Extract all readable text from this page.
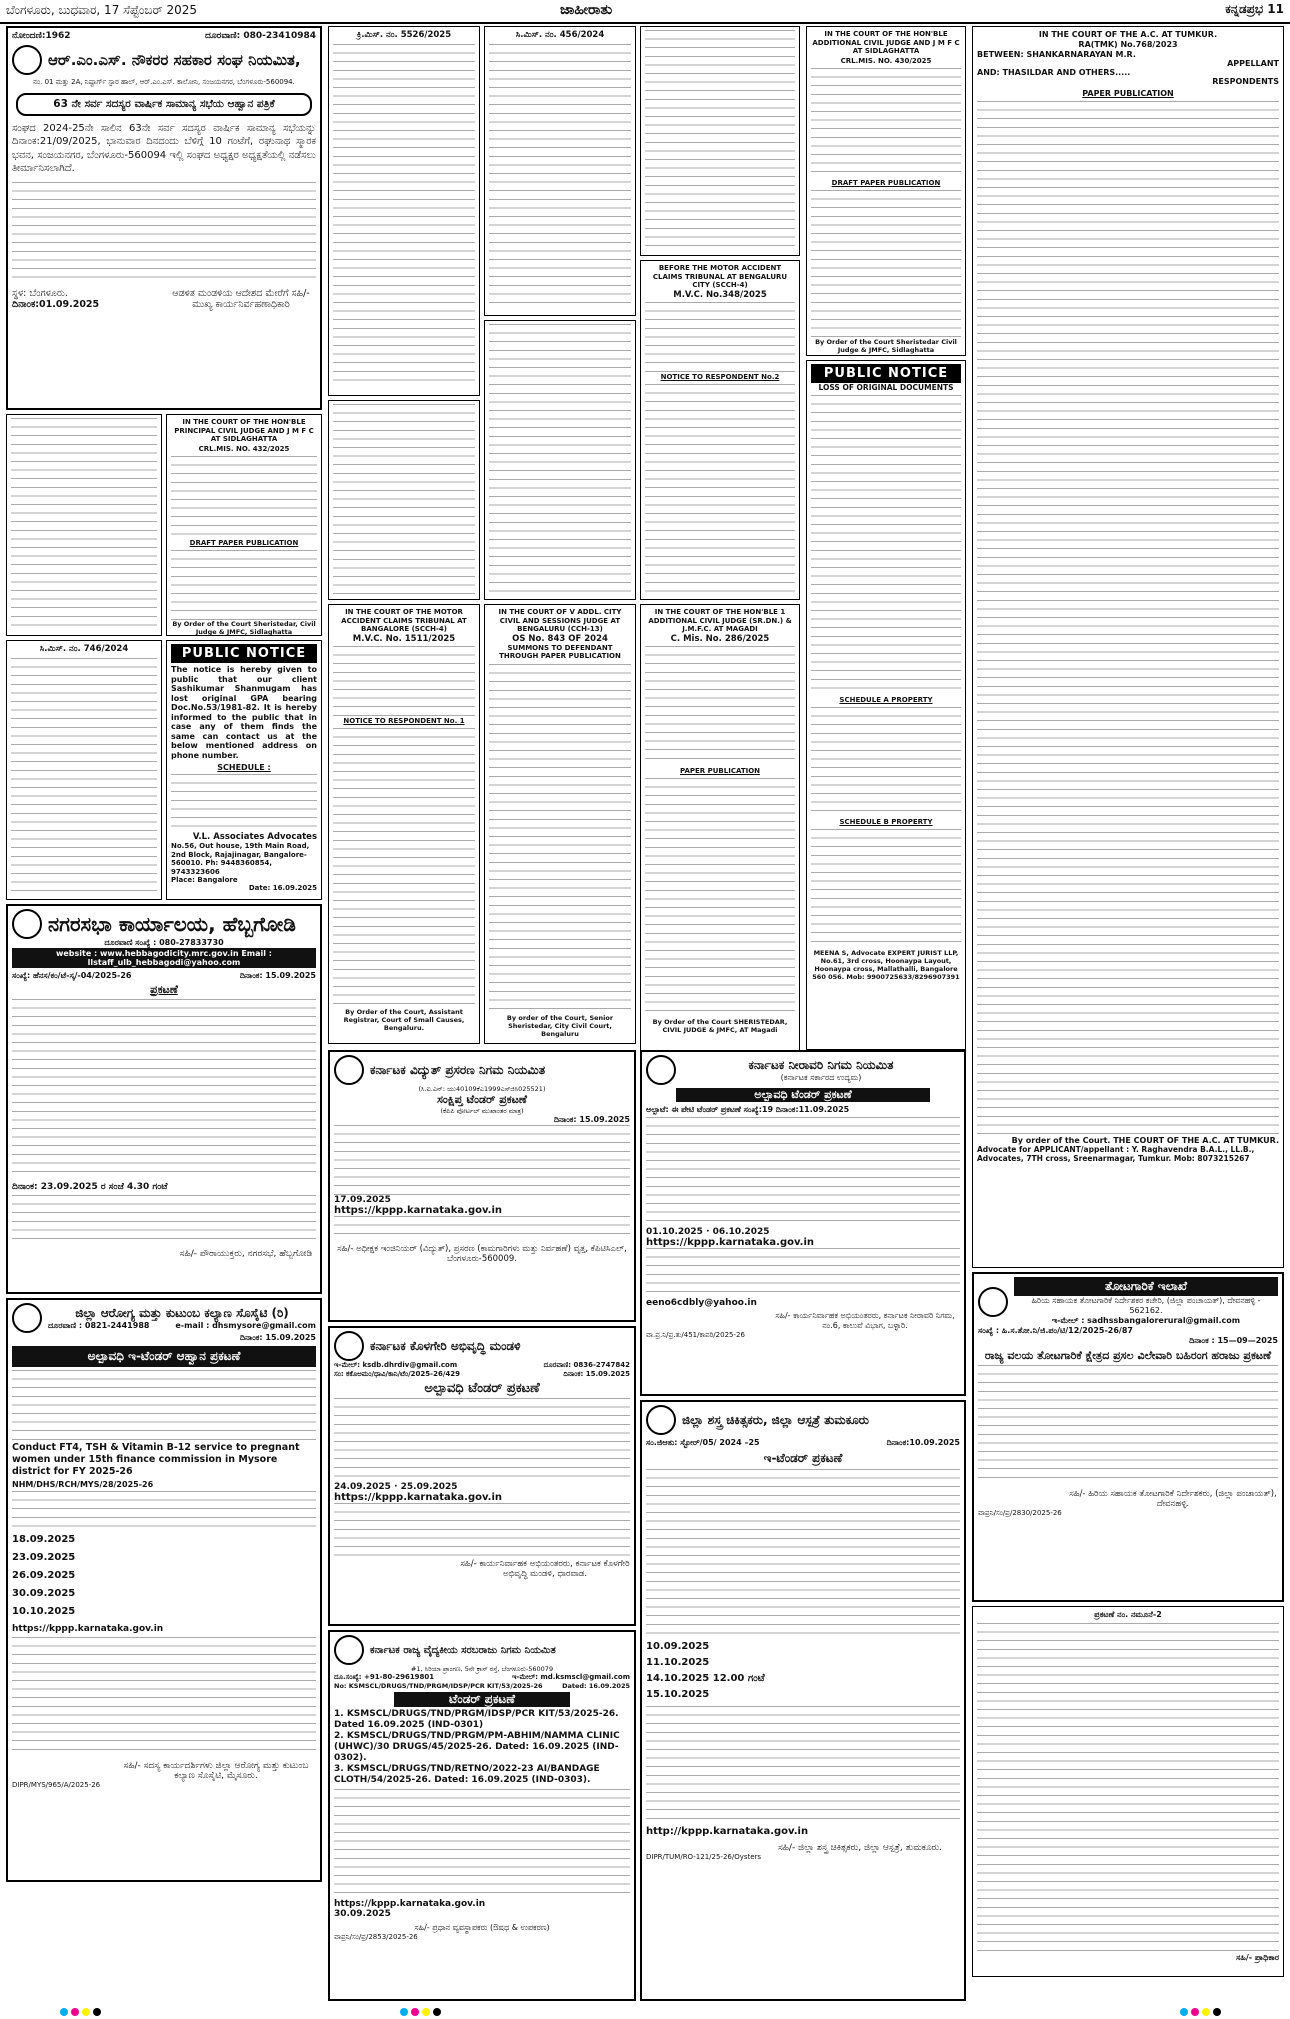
ಬೆಂಗಳೂರು, ಬುಧವಾರ, 17 ಸೆಪ್ಟೆಂಬರ್ 2025	ಜಾಹೀರಾತು	ಕನ್ನಡಪ್ರಭ 11
ನೋಂದಣಿ:1962	ದೂರವಾಣಿ: 080-23410984
ಆರ್.ಎಂ.ಎಸ್. ನೌಕರರ ಸಹಕಾರ ಸಂಘ ನಿಯಮಿತ,
ನಂ. 01 ಮತ್ತು 2A, ನಿಷ್ಟಾರ್ಗ್ ಸ್ಪಾರ ಹಾಲ್, ಆರ್.ಎಂ.ಎಸ್. ಕಾಲೋನಿ, ಸಂಜಯನಗರ, ಬೆಂಗಳೂರು-560094.
63 ನೇ ಸರ್ವ ಸದಸ್ಯರ ವಾರ್ಷಿಕ ಸಾಮಾನ್ಯ ಸಭೆಯ ಆಹ್ವಾನ ಪತ್ರಿಕೆ
ಸಂಘದ 2024-25ನೇ ಸಾಲಿನ 63ನೇ ಸರ್ವ ಸದಸ್ಯರ ವಾರ್ಷಿಕ ಸಾಮಾನ್ಯ ಸಭೆಯನ್ನು ದಿನಾಂಕ:21/09/2025, ಭಾನುವಾರ ದಿನದಂದು ಬೆಳಿಗ್ಗೆ 10 ಗಂಟೆಗೆ, ರಘುನಾಥ ಸ್ಮಾರಕ ಭವನ, ಸಂಜಯನಗರ, ಬೆಂಗಳೂರು-560094 ಇಲ್ಲಿ ಸಂಘದ ಅಧ್ಯಕ್ಷರ ಅಧ್ಯಕ್ಷತೆಯಲ್ಲಿ ನಡೆಸಲು ತೀರ್ಮಾನಿಸಲಾಗಿದೆ.
ಸ್ಥಳ: ಬೆಂಗಳೂರು.
ದಿನಾಂಕ:01.09.2025
ಆಡಳಿತ ಮಂಡಳಿಯ ಆದೇಶದ ಮೇರೆಗೆ ಸಹಿ/- ಮುಖ್ಯ ಕಾರ್ಯನಿರ್ವಹಣಾಧಿಕಾರಿ
ಸಿ.ಮಿಸ್. ನಂ. 746/2024
IN THE COURT OF THE HON'BLE PRINCIPAL CIVIL JUDGE AND J M F C AT SIDLAGHATTA
CRL.MIS. NO. 432/2025
DRAFT PAPER PUBLICATION
By Order of the Court Sheristedar, Civil Judge & JMFC, Sidlaghatta
PUBLIC NOTICE
The notice is hereby given to public that our client Sashikumar Shanmugam has lost original GPA bearing Doc.No.53/1981-82. It is hereby informed to the public that in case any of them finds the same can contact us at the below mentioned address on phone number.
SCHEDULE :
V.L. Associates Advocates
No.56, Out house, 19th Main Road, 2nd Block, Rajajinagar, Bangalore-560010. Ph: 9448360854, 9743323606
Place: Bangalore
Date: 16.09.2025
ನಗರಸಭಾ ಕಾರ್ಯಾಲಯ, ಹೆಬ್ಬಗೋಡಿ
ದೂರವಾಣಿ ಸಂಖ್ಯೆ : 080-27833730
website : www.hebbagodicity.mrc.gov.in Email : llstaff_ulb_hebbagodi@yahoo.com
ಸಂಖ್ಯೆ: ಹೆನಸ/ಕಂ/ಟೆ-ಸ್ಕ/-04/2025-26	ದಿನಾಂಕ: 15.09.2025
ಪ್ರಕಟಣೆ
ದಿನಾಂಕ: 23.09.2025 ರ ಸಂಜೆ 4.30 ಗಂಟೆ
ಸಹಿ/- ಪೌರಾಯುಕ್ತರು, ನಗರಸಭೆ, ಹೆಬ್ಬಗೋಡಿ
ಜಿಲ್ಲಾ ಆರೋಗ್ಯ ಮತ್ತು ಕುಟುಂಬ ಕಲ್ಯಾಣ ಸೊಸೈಟಿ (ರಿ)
ದೂರವಾಣಿ : 0821-2441988	e-mail : dhsmysore@gmail.com
ದಿನಾಂಕ: 15.09.2025
ಅಲ್ಪಾವಧಿ ಇ-ಟೆಂಡರ್ ಆಹ್ವಾನ ಪ್ರಕಟಣೆ
Conduct FT4, TSH & Vitamin B-12 service to pregnant women under 15th finance commission in Mysore district for FY 2025-26
NHM/DHS/RCH/MYS/28/2025-26
18.09.2025
23.09.2025
26.09.2025
30.09.2025
10.10.2025
https://kppp.karnataka.gov.in
ಸಹಿ/- ಸದಸ್ಯ ಕಾರ್ಯದರ್ಶಿಗಳು ಜಿಲ್ಲಾ ಆರೋಗ್ಯ ಮತ್ತು ಕುಟುಂಬ ಕಲ್ಯಾಣ ಸೊಸೈಟಿ, ಮೈಸೂರು.
DIPR/MYS/965/A/2025-26
ಕ್ರಿ.ಮಿಸ್. ನಂ. 5526/2025
IN THE COURT OF THE MOTOR ACCIDENT CLAIMS TRIBUNAL AT BANGALORE (SCCH-4)
M.V.C. No. 1511/2025
NOTICE TO RESPONDENT No. 1
By Order of the Court, Assistant Registrar, Court of Small Causes, Bengaluru.
ಸಿ.ಮಿಸ್. ನಂ. 456/2024
IN THE COURT OF V ADDL. CITY CIVIL AND SESSIONS JUDGE AT BENGALURU (CCH-13)
OS No. 843 OF 2024
SUMMONS TO DEFENDANT THROUGH PAPER PUBLICATION
By order of the Court, Senior Sheristedar, City Civil Court, Bengaluru
ಕರ್ನಾಟಕ ವಿದ್ಯುತ್ ಪ್ರಸರಣ ನಿಗಮ ನಿಯಮಿತ
(ಸಿ.ಐ.ಎನ್: ಯು40109ಕೆಎ1999ಎಸ್‌ಜಿಸಿ025521)
ಸಂಕ್ಷಿಪ್ತ ಟೆಂಡರ್ ಪ್ರಕಟಣೆ
(ಕೆಪಿಪಿ ಪೋರ್ಟಲ್ ಮುಖಾಂತರ ಮಾತ್ರ)
ದಿನಾಂಕ: 15.09.2025
17.09.2025
https://kppp.karnataka.gov.in
ಸಹಿ/- ಅಧೀಕ್ಷಕ ಇಂಜಿನಿಯರ್ (ವಿದ್ಯುತ್), ಪ್ರಸರಣ (ಕಾಮಗಾರಿಗಳು ಮತ್ತು ನಿರ್ವಹಣೆ) ವೃತ್ತ, ಕೆಪಿಟಿಸಿಎಲ್, ಬೆಂಗಳೂರು-560009.
ಕರ್ನಾಟಕ ಕೊಳಗೇರಿ ಅಭಿವೃದ್ಧಿ ಮಂಡಳಿ
ಇ-ಮೇಲ್: ksdb.dhrdiv@gmail.com	ದೂರವಾಣಿ: 0836-2747842
ಸಂ: ಕಕೊಅಮಂ/ಧಾವಿ/ಕಾನಿ/ಟೆಂ/2025-26/429	ದಿನಾಂಕ: 15.09.2025
ಅಲ್ಪಾವಧಿ ಟೆಂಡರ್ ಪ್ರಕಟಣೆ
24.09.2025 · 25.09.2025
https://kppp.karnataka.gov.in
ಸಹಿ/- ಕಾರ್ಯನಿರ್ವಾಹಕ ಅಭಿಯಂತರರು, ಕರ್ನಾಟಕ ಕೊಳಗೇರಿ ಅಭಿವೃದ್ಧಿ ಮಂಡಳಿ, ಧಾರವಾಡ.
ಕರ್ನಾಟಕ ರಾಜ್ಯ ವೈದ್ಯಕೀಯ ಸರಬರಾಜು ನಿಗಮ ನಿಯಮಿತ
#1, ಸಿರಿಯಾ ಪ್ರಾಂಗಣ, 5ನೇ ಕ್ರಾಸ್ ರಸ್ತೆ, ಬೆಂಗಳೂರು-560079
ದೂ.ಸಂಖ್ಯೆ: +91-80-29619801	ಇ-ಮೇಲ್: md.ksmscl@gmail.com
No: KSMSCL/DRUGS/TND/PRGM/IDSP/PCR KIT/53/2025-26	Dated: 16.09.2025
ಟೆಂಡರ್ ಪ್ರಕಟಣೆ
1. KSMSCL/DRUGS/TND/PRGM/IDSP/PCR KIT/53/2025-26. Dated 16.09.2025 (IND-0301)
2. KSMSCL/DRUGS/TND/PRGM/PM-ABHIM/NAMMA CLINIC (UHWC)/30 DRUGS/45/2025-26. Dated: 16.09.2025 (IND-0302).
3. KSMSCL/DRUGS/TND/RETNO/2022-23 AI/BANDAGE CLOTH/54/2025-26. Dated: 16.09.2025 (IND-0303).
https://kppp.karnataka.gov.in
30.09.2025
ಸಹಿ/- ಪ್ರಧಾನ ವ್ಯವಸ್ಥಾಪಕರು (ಔಷಧ & ಉಪಕರಣ)
ವಾಪ್ರನಿ/ಸಂ/ಪ್ರ/2853/2025-26
BEFORE THE MOTOR ACCIDENT CLAIMS TRIBUNAL AT BENGALURU CITY (SCCH-4)
M.V.C. No.348/2025
NOTICE TO RESPONDENT No.2
IN THE COURT OF THE HON'BLE 1 ADDITIONAL CIVIL JUDGE (SR.DN.) & J.M.F.C. AT MAGADI
C. Mis. No. 286/2025
PAPER PUBLICATION
By Order of the Court SHERISTEDAR, CIVIL JUDGE & JMFC, AT Magadi
IN THE COURT OF THE HON'BLE ADDITIONAL CIVIL JUDGE AND J M F C AT SIDLAGHATTA
CRL.MIS. NO. 430/2025
DRAFT PAPER PUBLICATION
By Order of the Court Sheristedar Civil Judge & JMFC, Sidlaghatta
PUBLIC NOTICE
LOSS OF ORIGINAL DOCUMENTS
SCHEDULE A PROPERTY
SCHEDULE B PROPERTY
MEENA S, Advocate EXPERT JURIST LLP, No.61, 3rd cross, Hoonaypa Layout, Hoonaypa cross, Mallathalli, Bangalore 560 056. Mob: 9900725633/8296907391
ಕರ್ನಾಟಕ ನೀರಾವರಿ ನಿಗಮ ನಿಯಮಿತ
(ಕರ್ನಾಟಕ ಸರ್ಕಾರದ ಉದ್ಯಮ)
ಅಲ್ಪಾವಧಿ ಟೆಂಡರ್ ಪ್ರಕಟಣೆ
ಅಲ್ಪಾಟೆ: ಈ ಪೇಟಿ ಟೆಂಡರ್ ಪ್ರಕಟಣೆ ಸಂಖ್ಯೆ:19 ದಿನಾಂಕ:11.09.2025
01.10.2025 · 06.10.2025
https://kppp.karnataka.gov.in
eeno6cdbly@yahoo.in
ಸಹಿ/- ಕಾರ್ಯನಿರ್ವಾಹಕ ಅಭಿಯಂತರರು, ಕರ್ನಾಟಕ ನೀರಾವರಿ ನಿಗಮ, ನಂ.6, ಕಾಲುವೆ ವಿಭಾಗ, ಬಳ್ಳಾರಿ.
ವಾ.ಪ್ರ.ನಿ/ಪ್ರ.ತು/451/ಕಾಪರಿ/2025-26
ಜಿಲ್ಲಾ ಶಸ್ತ್ರ ಚಿಕಿತ್ಸಕರು, ಜಿಲ್ಲಾ ಆಸ್ಪತ್ರೆ ತುಮಕೂರು
ಸಂ.ಜಿಆತು: ಸ್ಟೋರ್/05/ 2024 –25	ದಿನಾಂಕ:10.09.2025
ಇ-ಟೆಂಡರ್ ಪ್ರಕಟಣೆ
10.09.2025
11.10.2025
14.10.2025 12.00 ಗಂಟೆ
15.10.2025
http://kppp.karnataka.gov.in
ಸಹಿ/- ಜಿಲ್ಲಾ ಶಸ್ತ್ರ ಚಿಕಿತ್ಸಕರು, ಜಿಲ್ಲಾ ಆಸ್ಪತ್ರೆ, ತುಮಕೂರು.
DIPR/TUM/RO-121/25-26/Oysters
IN THE COURT OF THE A.C. AT TUMKUR.
RA(TMK) No.768/2023
BETWEEN: SHANKARNARAYAN M.R.
APPELLANT
AND: THASILDAR AND OTHERS.....
RESPONDENTS
PAPER PUBLICATION
By order of the Court. THE COURT OF THE A.C. AT TUMKUR.
Advocate for APPLICANT/appellant : Y. Raghavendra B.A.L., LL.B., Advocates, 7TH cross, Sreenarmagar, Tumkur. Mob: 8073215267
ತೋಟಗಾರಿಕೆ ಇಲಾಖೆ
ಹಿರಿಯ ಸಹಾಯಕ ತೋಟಗಾರಿಕೆ ನಿರ್ದೇಶಕರ ಕಚೇರಿ, (ಜಿಲ್ಲಾ ಪಂಚಾಯತ್), ದೇವನಹಳ್ಳಿ - 562162.
ಇ-ಮೇಲ್ : sadhssbangalorerural@gmail.com
ಸಂಖ್ಯೆ : ಹಿ.ಸ.ತೋ.ನಿ/ಜಿ.ಪಂ/ಟಿ/12/2025-26/87
ದಿನಾಂಕ : 15—09—2025
ರಾಜ್ಯ ವಲಯ ತೋಟಗಾರಿಕೆ ಕ್ಷೇತ್ರದ ಪ್ರಸಲ ವಿಲೇವಾರಿ ಬಹಿರಂಗ ಹರಾಜು ಪ್ರಕಟಣೆ
ಸಹಿ/- ಹಿರಿಯ ಸಹಾಯಕ ತೋಟಗಾರಿಕೆ ನಿರ್ದೇಶಕರು, (ಜಿಲ್ಲಾ ಪಂಚಾಯತ್), ದೇವನಹಳ್ಳಿ.
ವಾಪ್ರನಿ/ಸಂ/ಪ್ರ/2830/2025-26
ಪ್ರಕಟಣೆ ನಂ. ನಮೂನೆ-2
ಸಹಿ/- ಪ್ರಾಧಿಕಾರ
